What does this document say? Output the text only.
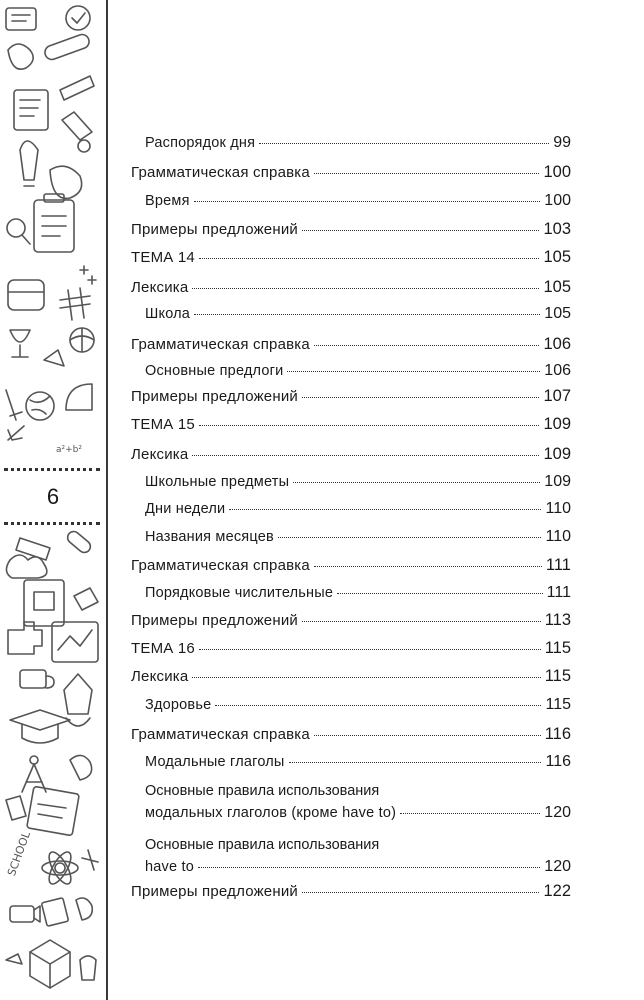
a²+b²
SCHOOL
6
Распорядок дня	99
Грамматическая справка	100
Время	100
Примеры предложений	103
ТЕМА 14	105
Лексика	105
Школа	105
Грамматическая справка	106
Основные предлоги	106
Примеры предложений	107
ТЕМА 15	109
Лексика	109
Школьные предметы	109
Дни недели	110
Названия месяцев	110
Грамматическая справка	111
Порядковые числительные	111
Примеры предложений	113
ТЕМА 16	115
Лексика	115
Здоровье	115
Грамматическая справка	116
Модальные глаголы	116
Основные правила использования
модальных глаголов (кроме have to)	120
Основные правила использования
have to	120
Примеры предложений	122
